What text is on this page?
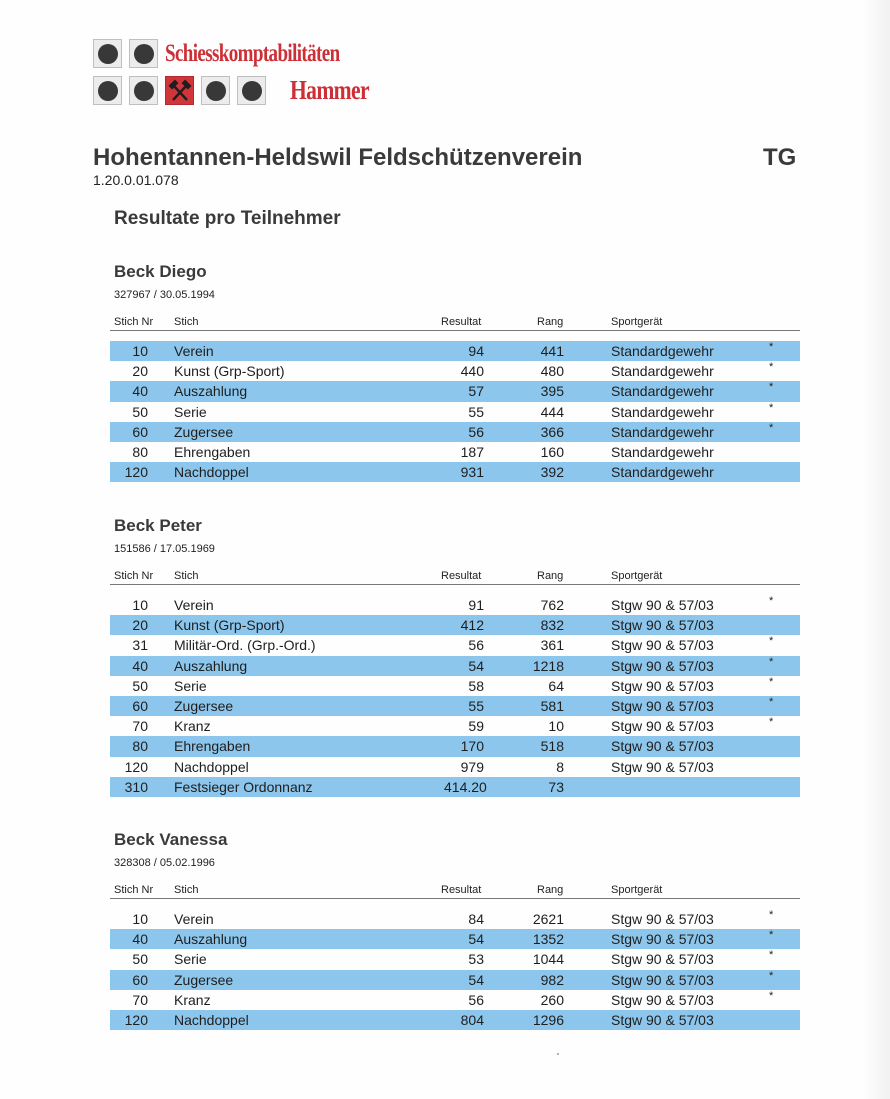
Schiesskomptabilitäten
Hammer
Hohentannen-Heldswil Feldschützenverein	TG
1.20.0.01.078
Resultate pro Teilnehmer
Beck Diego
327967 / 30.05.1994
Stich Nr Stich	Resultat	Rang	Sportgerät
10 Verein	94	441	Standardgewehr	*
20 Kunst (Grp-Sport)	440	480	Standardgewehr	*
40 Auszahlung	57	395	Standardgewehr	*
50 Serie	55	444	Standardgewehr	*
60 Zugersee	56	366	Standardgewehr	*
80 Ehrengaben	187	160	Standardgewehr
120 Nachdoppel	931	392	Standardgewehr
Beck Peter
151586 / 17.05.1969
Stich Nr Stich	Resultat	Rang	Sportgerät
10 Verein	91	762	Stgw 90 & 57/03	*
20 Kunst (Grp-Sport)	412	832	Stgw 90 & 57/03
31 Militär-Ord. (Grp.-Ord.)	56	361	Stgw 90 & 57/03	*
40 Auszahlung	54	1218	Stgw 90 & 57/03	*
50 Serie	58	64	Stgw 90 & 57/03	*
60 Zugersee	55	581	Stgw 90 & 57/03	*
70 Kranz	59	10	Stgw 90 & 57/03	*
80 Ehrengaben	170	518	Stgw 90 & 57/03
120 Nachdoppel	979	8	Stgw 90 & 57/03
310 Festsieger Ordonnanz	414.20	73
Beck Vanessa
328308 / 05.02.1996
Stich Nr Stich	Resultat	Rang	Sportgerät
10 Verein	84	2621	Stgw 90 & 57/03	*
40 Auszahlung	54	1352	Stgw 90 & 57/03	*
50 Serie	53	1044	Stgw 90 & 57/03	*
60 Zugersee	54	982	Stgw 90 & 57/03	*
70 Kranz	56	260	Stgw 90 & 57/03	*
120 Nachdoppel	804	1296	Stgw 90 & 57/03
